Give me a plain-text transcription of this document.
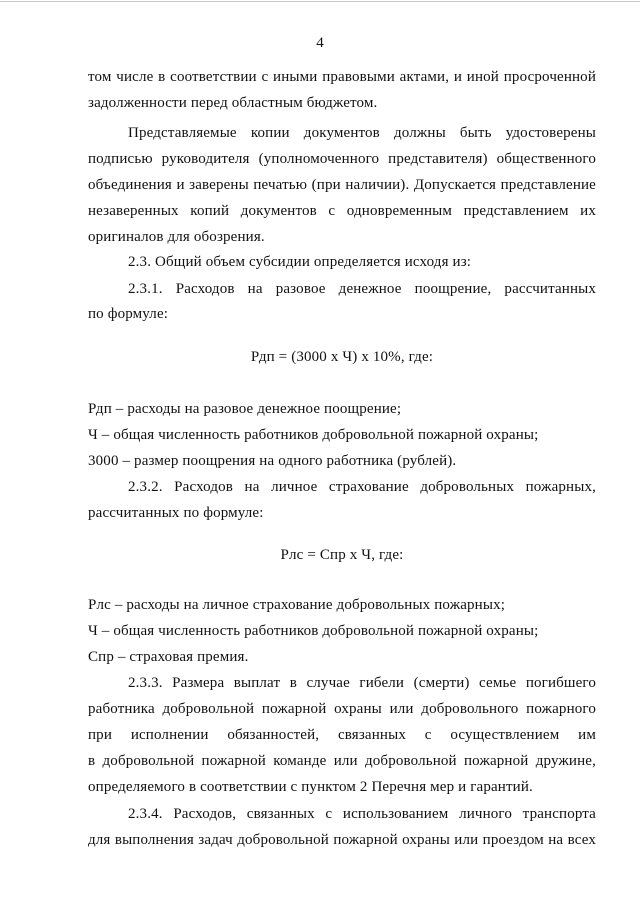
4
том числе в соответствии с иными правовыми актами, и иной просроченной
задолженности перед областным бюджетом.
Представляемые копии документов должны быть удостоверены
подписью руководителя (уполномоченного представителя) общественного
объединения и заверены печатью (при наличии). Допускается представление
незаверенных копий документов с одновременным представлением их
оригиналов для обозрения.
2.3. Общий объем субсидии определяется исходя из:
2.3.1. Расходов на разовое денежное поощрение, рассчитанных
по формуле:
Рдп = (3000 х Ч) х 10%, где:
Рдп – расходы на разовое денежное поощрение;
Ч – общая численность работников добровольной пожарной охраны;
3000 – размер поощрения на одного работника (рублей).
2.3.2. Расходов на личное страхование добровольных пожарных,
рассчитанных по формуле:
Рлс = Спр х Ч, где:
Рлс – расходы на личное страхование добровольных пожарных;
Ч – общая численность работников добровольной пожарной охраны;
Спр – страховая премия.
2.3.3. Размера выплат в случае гибели (смерти) семье погибшего
работника добровольной пожарной охраны или добровольного пожарного
при исполнении обязанностей, связанных с осуществлением им
в добровольной пожарной команде или добровольной пожарной дружине,
определяемого в соответствии с пунктом 2 Перечня мер и гарантий.
2.3.4. Расходов, связанных с использованием личного транспорта
для выполнения задач добровольной пожарной охраны или проездом на всех
